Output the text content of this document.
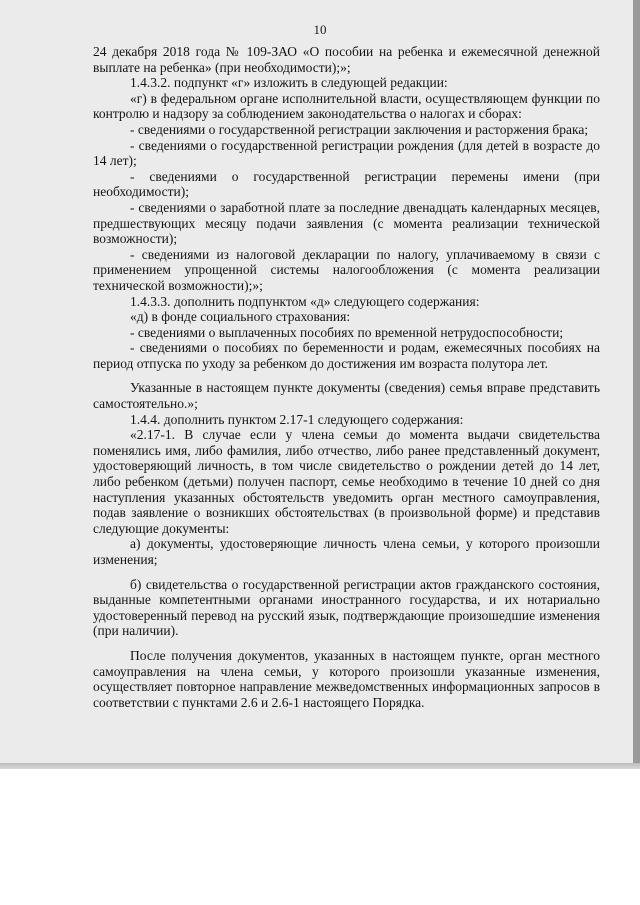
10

24 декабря 2018 года № 109-ЗАО «О пособии на ребенка и ежемесячной денежной выплате на ребенка» (при необходимости);»;

1.4.3.2. подпункт «г» изложить в следующей редакции:

«г) в федеральном органе исполнительной власти, осуществляющем функции по контролю и надзору за соблюдением законодательства о налогах и сборах:

- сведениями о государственной регистрации заключения и расторжения брака;

- сведениями о государственной регистрации рождения (для детей в возрасте до 14 лет);

- сведениями о государственной регистрации перемены имени (при необходимости);

- сведениями о заработной плате за последние двенадцать календарных месяцев, предшествующих месяцу подачи заявления (с момента реализации технической возможности);

- сведениями из налоговой декларации по налогу, уплачиваемому в связи с применением упрощенной системы налогообложения (с момента реализации технической возможности);»;

1.4.3.3. дополнить подпунктом «д» следующего содержания:

«д) в фонде социального страхования:

- сведениями о выплаченных пособиях по временной нетрудоспособности;

- сведениями о пособиях по беременности и родам, ежемесячных пособиях на период отпуска по уходу за ребенком до достижения им возраста полутора лет.

Указанные в настоящем пункте документы (сведения) семья вправе представить самостоятельно.»;

1.4.4. дополнить пунктом 2.17-1 следующего содержания:

«2.17-1. В случае если у члена семьи до момента выдачи свидетельства поменялись имя, либо фамилия, либо отчество, либо ранее представленный документ, удостоверяющий личность, в том числе свидетельство о рождении детей до 14 лет, либо ребенком (детьми) получен паспорт, семье необходимо в течение 10 дней со дня наступления указанных обстоятельств уведомить орган местного самоуправления, подав заявление о возникших обстоятельствах (в произвольной форме) и представив следующие документы:

а) документы, удостоверяющие личность члена семьи, у которого произошли изменения;

б) свидетельства о государственной регистрации актов гражданского состояния, выданные компетентными органами иностранного государства, и их нотариально удостоверенный перевод на русский язык, подтверждающие произошедшие изменения (при наличии).

После получения документов, указанных в настоящем пункте, орган местного самоуправления на члена семьи, у которого произошли указанные изменения, осуществляет повторное направление межведомственных информационных запросов в соответствии с пунктами 2.6 и 2.6-1 настоящего Порядка.
